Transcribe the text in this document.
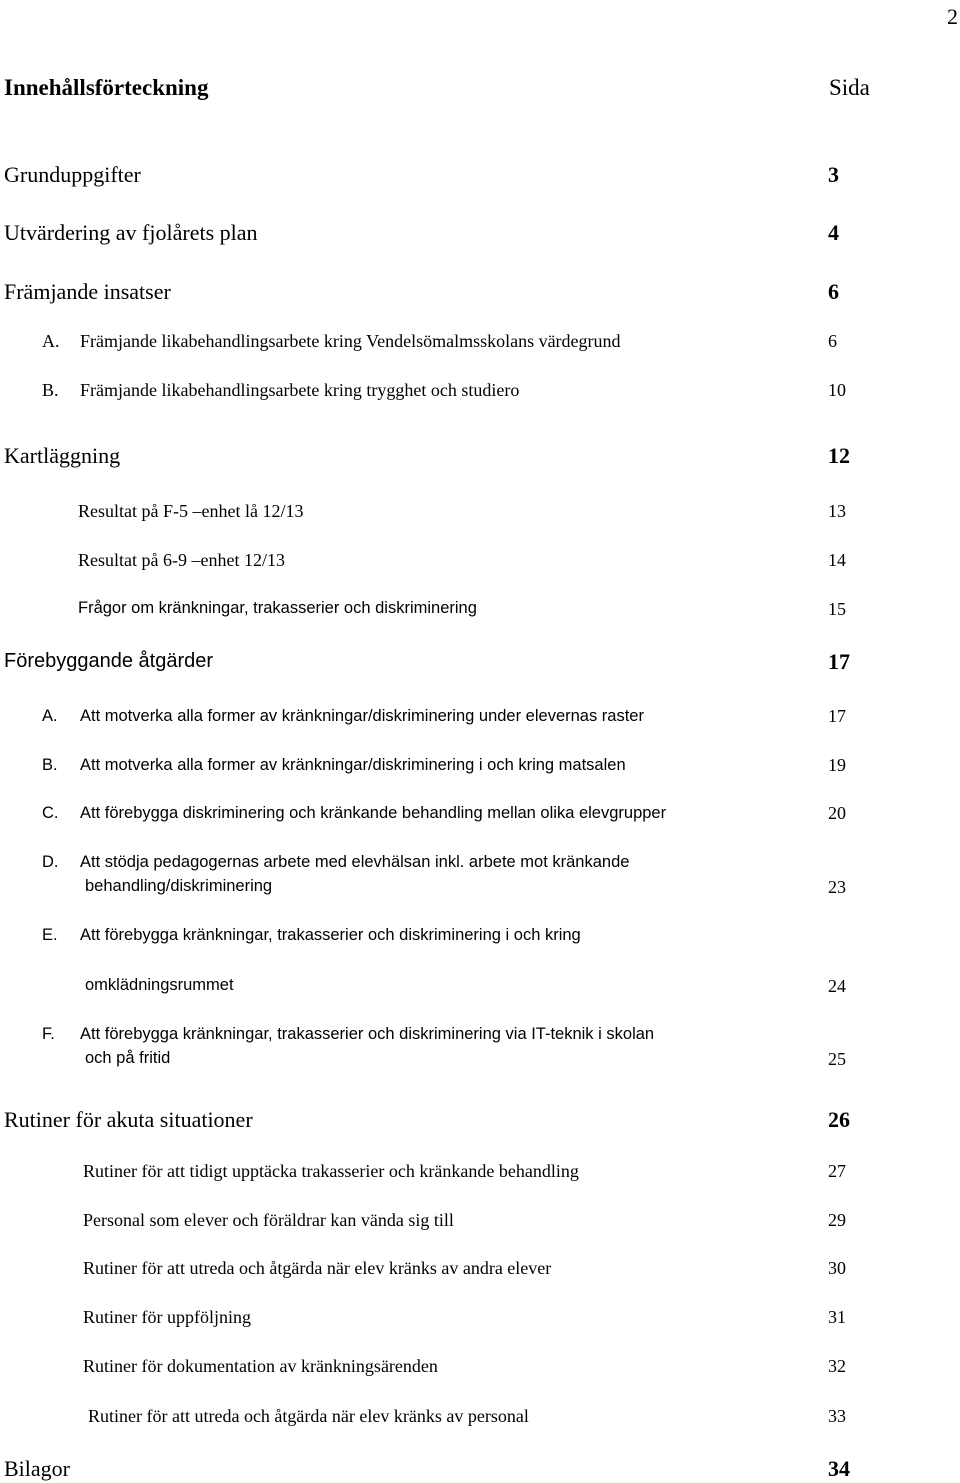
2
Innehållsförteckning	Sida
Grunduppgifter	3
Utvärdering av fjolårets plan	4
Främjande insatser	6
A. Främjande likabehandlingsarbete kring Vendelsömalmsskolans värdegrund	6
B. Främjande likabehandlingsarbete kring trygghet och studiero	10
Kartläggning	12
Resultat på F-5 –enhet lå 12/13	13
Resultat på 6-9 –enhet 12/13	14
Frågor om kränkningar, trakasserier och diskriminering	15
Förebyggande åtgärder	17
A. Att motverka alla former av kränkningar/diskriminering under elevernas raster	17
B. Att motverka alla former av kränkningar/diskriminering i och kring matsalen	19
C. Att förebygga diskriminering och kränkande behandling mellan olika elevgrupper	20
D. Att stödja pedagogernas arbete med elevhälsan inkl. arbete mot kränkande
behandling/diskriminering	23
E. Att förebygga kränkningar, trakasserier och diskriminering i och kring
omklädningsrummet	24
F. Att förebygga kränkningar, trakasserier och diskriminering via IT-teknik i skolan
och på fritid	25
Rutiner för akuta situationer	26
Rutiner för att tidigt upptäcka trakasserier och kränkande behandling	27
Personal som elever och föräldrar kan vända sig till	29
Rutiner för att utreda och åtgärda när elev kränks av andra elever	30
Rutiner för uppföljning	31
Rutiner för dokumentation av kränkningsärenden	32
Rutiner för att utreda och åtgärda när elev kränks av personal	33
Bilagor	34
